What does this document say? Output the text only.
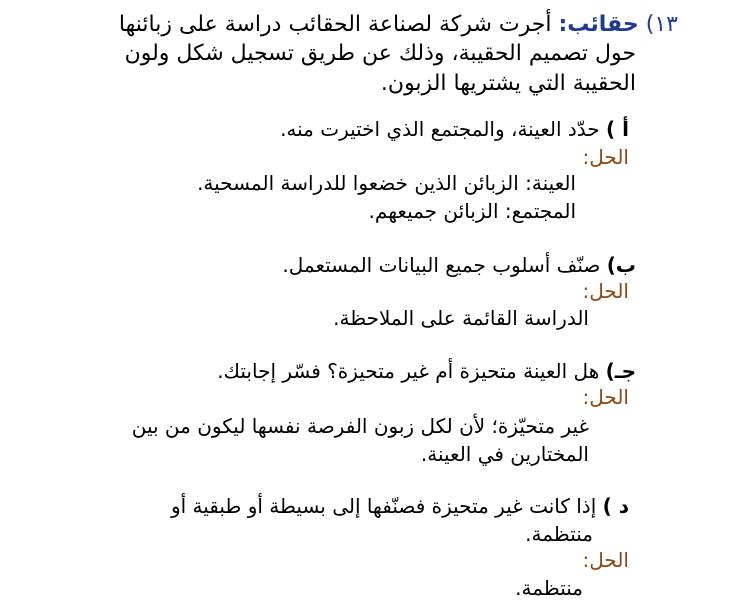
١٣) حقائب: أجرت شركة لصناعة الحقائب دراسة على زبائنها
حول تصميم الحقيبة، وذلك عن طريق تسجيل شكل ولون
الحقيبة التي يشتريها الزبون.
أ ) حدّد العينة، والمجتمع الذي اختيرت منه.
الحل:
العينة: الزبائن الذين خضعوا للدراسة المسحية.
المجتمع: الزبائن جميعهم.
ب) صنّف أسلوب جميع البيانات المستعمل.
الحل:
الدراسة القائمة على الملاحظة.
جـ) هل العينة متحيزة أم غير متحيزة؟ فسّر إجابتك.
الحل:
غير متحيّزة؛ لأن لكل زبون الفرصة نفسها ليكون من بين
المختارين في العينة.
د ) إذا كانت غير متحيزة فصنّفها إلى بسيطة أو طبقية أو
منتظمة.
الحل:
منتظمة.
